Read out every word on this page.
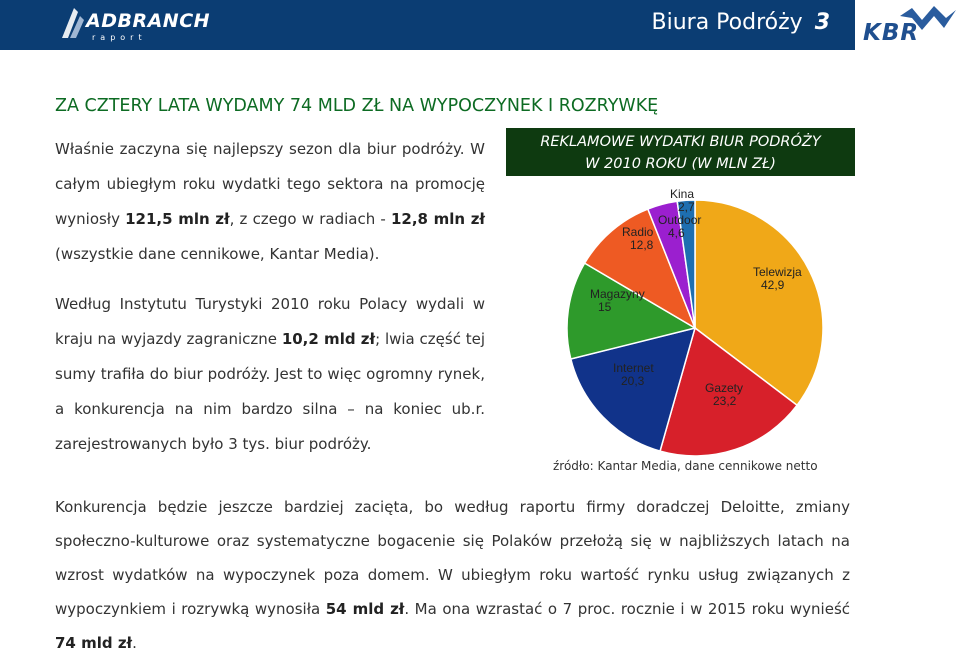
ADBRANCH
raport
Biura Podróży 3 KBR
ZA CZTERY LATA WYDAMY 74 MLD ZŁ NA WYPOCZYNEK I ROZRYWKĘ
Właśnie zaczyna się najlepszy sezon dla biur podróży. W całym ubiegłym roku wydatki tego sektora na promocję wyniosły 121,5 mln zł, z czego w radiach - 12,8 mln zł (wszystkie dane cennikowe, Kantar Media).
Według Instytutu Turystyki 2010 roku Polacy wydali w kraju na wyjazdy zagraniczne 10,2 mld zł; lwia część tej sumy trafiła do biur podróży. Jest to więc ogromny rynek, a konkurencja na nim bardzo silna – na koniec ub.r. zarejestrowanych było 3 tys. biur podróży.
REKLAMOWE WYDATKI BIUR PODRÓŻY
W 2010 ROKU (W MLN ZŁ)
Telewizja
42,9
Gazety
23,2
Internet
20,3
Magazyny
15
Radio
12,8
Outdoor
4,6
Kina
2,7
źródło: Kantar Media, dane cennikowe netto
Konkurencja będzie jeszcze bardziej zacięta, bo według raportu firmy doradczej Deloitte, zmiany społeczno-kulturowe oraz systematyczne bogacenie się Polaków przełożą się w najbliższych latach na wzrost wydatków na wypoczynek poza domem. W ubiegłym roku wartość rynku usług związanych z wypoczynkiem i rozrywką wynosiła 54 mld zł. Ma ona wzrastać o 7 proc. rocznie i w 2015 roku wynieść 74 mld zł.
